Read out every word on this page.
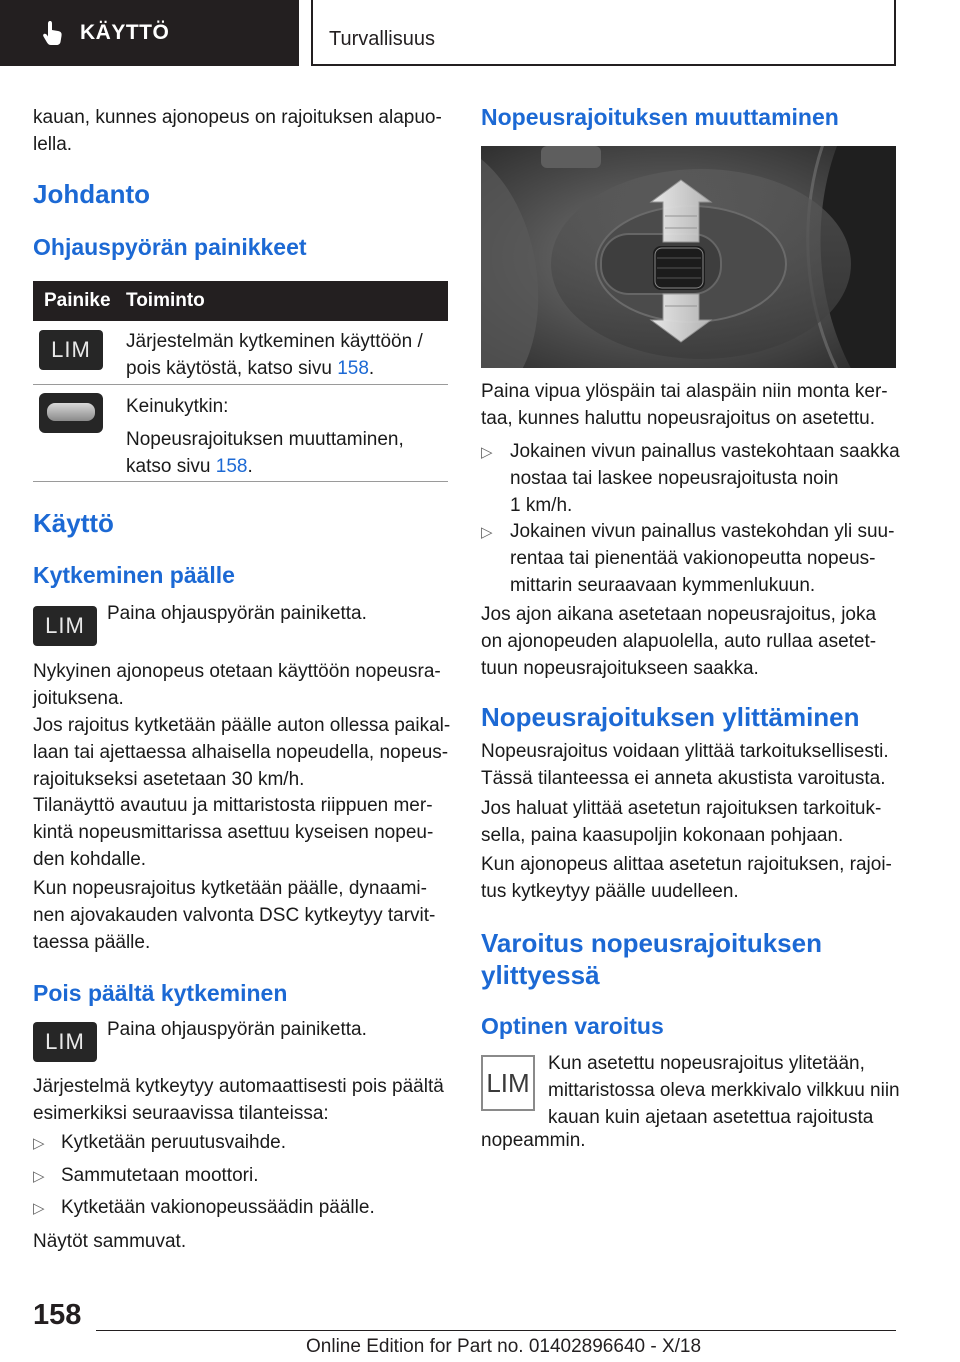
KÄYTTÖ	Turvallisuus
kauan, kunnes ajonopeus on rajoituksen alapuo-
lella.
Johdanto
Ohjauspyörän painikkeet
Painike Toiminto
LIM Järjestelmän kytkeminen käyttöön /
pois käytöstä, katso sivu 158.
Keinukytkin:
Nopeusrajoituksen muuttaminen,
katso sivu 158.
Käyttö
Kytkeminen päälle
LIM Paina ohjauspyörän painiketta.
Nykyinen ajonopeus otetaan käyttöön nopeusra-
joituksena.
Jos rajoitus kytketään päälle auton ollessa paikal-
laan tai ajettaessa alhaisella nopeudella, nopeus-
rajoitukseksi asetetaan 30 km/h.
Tilanäyttö avautuu ja mittaristosta riippuen mer-
kintä nopeusmittarissa asettuu kyseisen nopeu-
den kohdalle.
Kun nopeusrajoitus kytketään päälle, dynaami-
nen ajovakauden valvonta DSC kytkeytyy tarvit-
taessa päälle.
Pois päältä kytkeminen
LIM Paina ohjauspyörän painiketta.
Järjestelmä kytkeytyy automaattisesti pois päältä
esimerkiksi seuraavissa tilanteissa:
▷ Kytketään peruutusvaihde.
▷ Sammutetaan moottori.
▷ Kytketään vakionopeussäädin päälle.
Näytöt sammuvat.
Nopeusrajoituksen muuttaminen
Paina vipua ylöspäin tai alaspäin niin monta ker-
taa, kunnes haluttu nopeusrajoitus on asetettu.
▷ Jokainen vivun painallus vastekohtaan saakka
nostaa tai laskee nopeusrajoitusta noin
1 km/h.
▷ Jokainen vivun painallus vastekohdan yli suu-
rentaa tai pienentää vakionopeutta nopeus-
mittarin seuraavaan kymmenlukuun.
Jos ajon aikana asetetaan nopeusrajoitus, joka
on ajonopeuden alapuolella, auto rullaa asetet-
tuun nopeusrajoitukseen saakka.
Nopeusrajoituksen ylittäminen
Nopeusrajoitus voidaan ylittää tarkoituksellisesti.
Tässä tilanteessa ei anneta akustista varoitusta.
Jos haluat ylittää asetetun rajoituksen tarkoituk-
sella, paina kaasupoljin kokonaan pohjaan.
Kun ajonopeus alittaa asetetun rajoituksen, rajoi-
tus kytkeytyy päälle uudelleen.
Varoitus nopeusrajoituksen
ylittyessä
Optinen varoitus
LIM
Kun asetettu nopeusrajoitus ylitetään,
mittaristossa oleva merkkivalo vilkkuu niin
kauan kuin ajetaan asetettua rajoitusta
nopeammin.
158
Online Edition for Part no. 01402896640 - X/18
